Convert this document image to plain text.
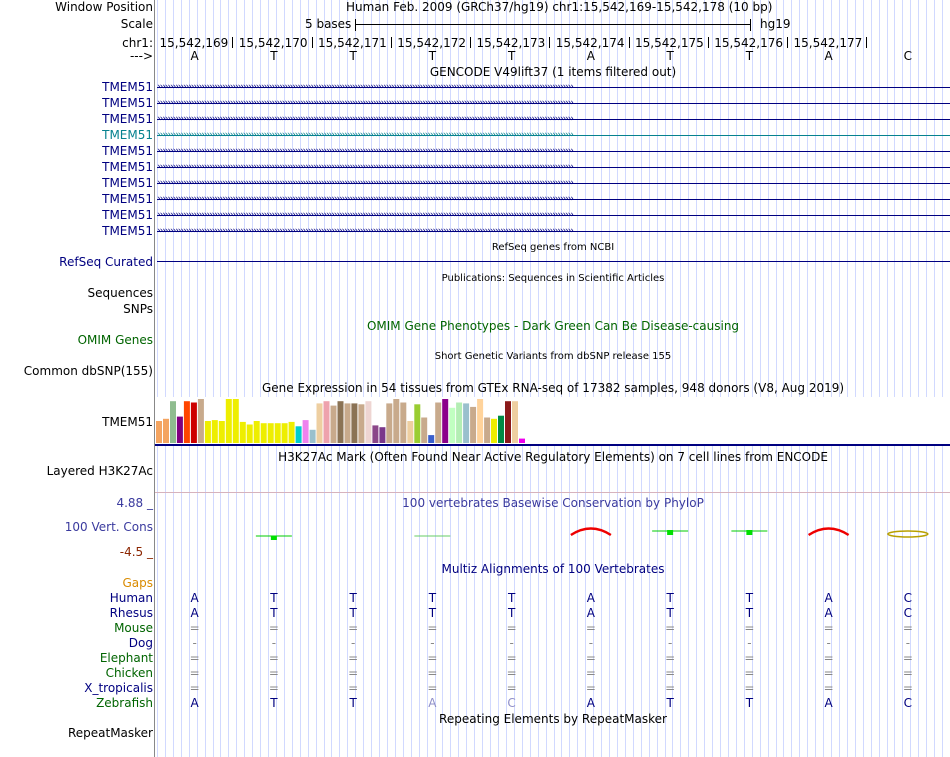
Window Position	Human Feb. 2009 (GRCh37/hg19) chr1:15,542,169-15,542,178 (10 bp)
Scale	5 bases	hg19
chr1: 15,542,169 15,542,170 15,542,171 15,542,172 15,542,173 15,542,174 15,542,175 15,542,176 15,542,177
--->	A	T	T	T	T	A	T	T	A	C
GENCODE V49lift37 (1 items filtered out)
TMEM51 ››››››››››››››››››››››››››››››››››››››››››››››››››››››››››››››››››››››››››››››››››››››››››››››››››››››››››››››››››››››››››››››››››››››››››››››››››››››››››››››››
TMEM51 ››››››››››››››››››››››››››››››››››››››››››››››››››››››››››››››››››››››››››››››››››››››››››››››››››››››››››››››››››››››››››››››››››››››››››››››››››››››››››››››››
TMEM51 ››››››››››››››››››››››››››››››››››››››››››››››››››››››››››››››››››››››››››››››››››››››››››››››››››››››››››››››››››››››››››››››››››››››››››››››››››››››››››››››››
TMEM51 ››››››››››››››››››››››››››››››››››››››››››››››››››››››››››››››››››››››››››››››››››››››››››››››››››››››››››››››››››››››››››››››››››››››››››››››››››››››››››››››››
TMEM51 ››››››››››››››››››››››››››››››››››››››››››››››››››››››››››››››››››››››››››››››››››››››››››››››››››››››››››››››››››››››››››››››››››››››››››››››››››››››››››››››››
TMEM51 ››››››››››››››››››››››››››››››››››››››››››››››››››››››››››››››››››››››››››››››››››››››››››››››››››››››››››››››››››››››››››››››››››››››››››››››››››››››››››››››››
TMEM51 ››››››››››››››››››››››››››››››››››››››››››››››››››››››››››››››››››››››››››››››››››››››››››››››››››››››››››››››››››››››››››››››››››››››››››››››››››››››››››››››››
TMEM51 ››››››››››››››››››››››››››››››››››››››››››››››››››››››››››››››››››››››››››››››››››››››››››››››››››››››››››››››››››››››››››››››››››››››››››››››››››››››››››››››››
TMEM51 ››››››››››››››››››››››››››››››››››››››››››››››››››››››››››››››››››››››››››››››››››››››››››››››››››››››››››››››››››››››››››››››››››››››››››››››››››››››››››››››››
TMEM51 ››››››››››››››››››››››››››››››››››››››››››››››››››››››››››››››››››››››››››››››››››››››››››››››››››››››››››››››››››››››››››››››››››››››››››››››››››››››››››››››››
RefSeq genes from NCBI
RefSeq Curated
Publications: Sequences in Scientific Articles
Sequences
SNPs
OMIM Gene Phenotypes - Dark Green Can Be Disease-causing
OMIM Genes
Short Genetic Variants from dbSNP release 155
Common dbSNP(155)
Gene Expression in 54 tissues from GTEx RNA-seq of 17382 samples, 948 donors (V8, Aug 2019)
TMEM51
H3K27Ac Mark (Often Found Near Active Regulatory Elements) on 7 cell lines from ENCODE
Layered H3K27Ac
100 vertebrates Basewise Conservation by PhyloP
4.88 _
100 Vert. Cons
-4.5 _
Multiz Alignments of 100 Vertebrates
Gaps
Human	A	T	T	T	T	A	T	T	A	C
Rhesus	A	T	T	T	T	A	T	T	A	C
Mouse	=	=	=	=	=	=	=	=	=	=
Dog	-	-	-	-	-	-	-	-	-	-
Elephant	=	=	=	=	=	=	=	=	=	=
Chicken	=	=	=	=	=	=	=	=	=	=
X_tropicalis	=	=	=	=	=	=	=	=	=	=
Zebrafish	A	T	T	A	C	A	T	T	A	C
Repeating Elements by RepeatMasker
RepeatMasker
